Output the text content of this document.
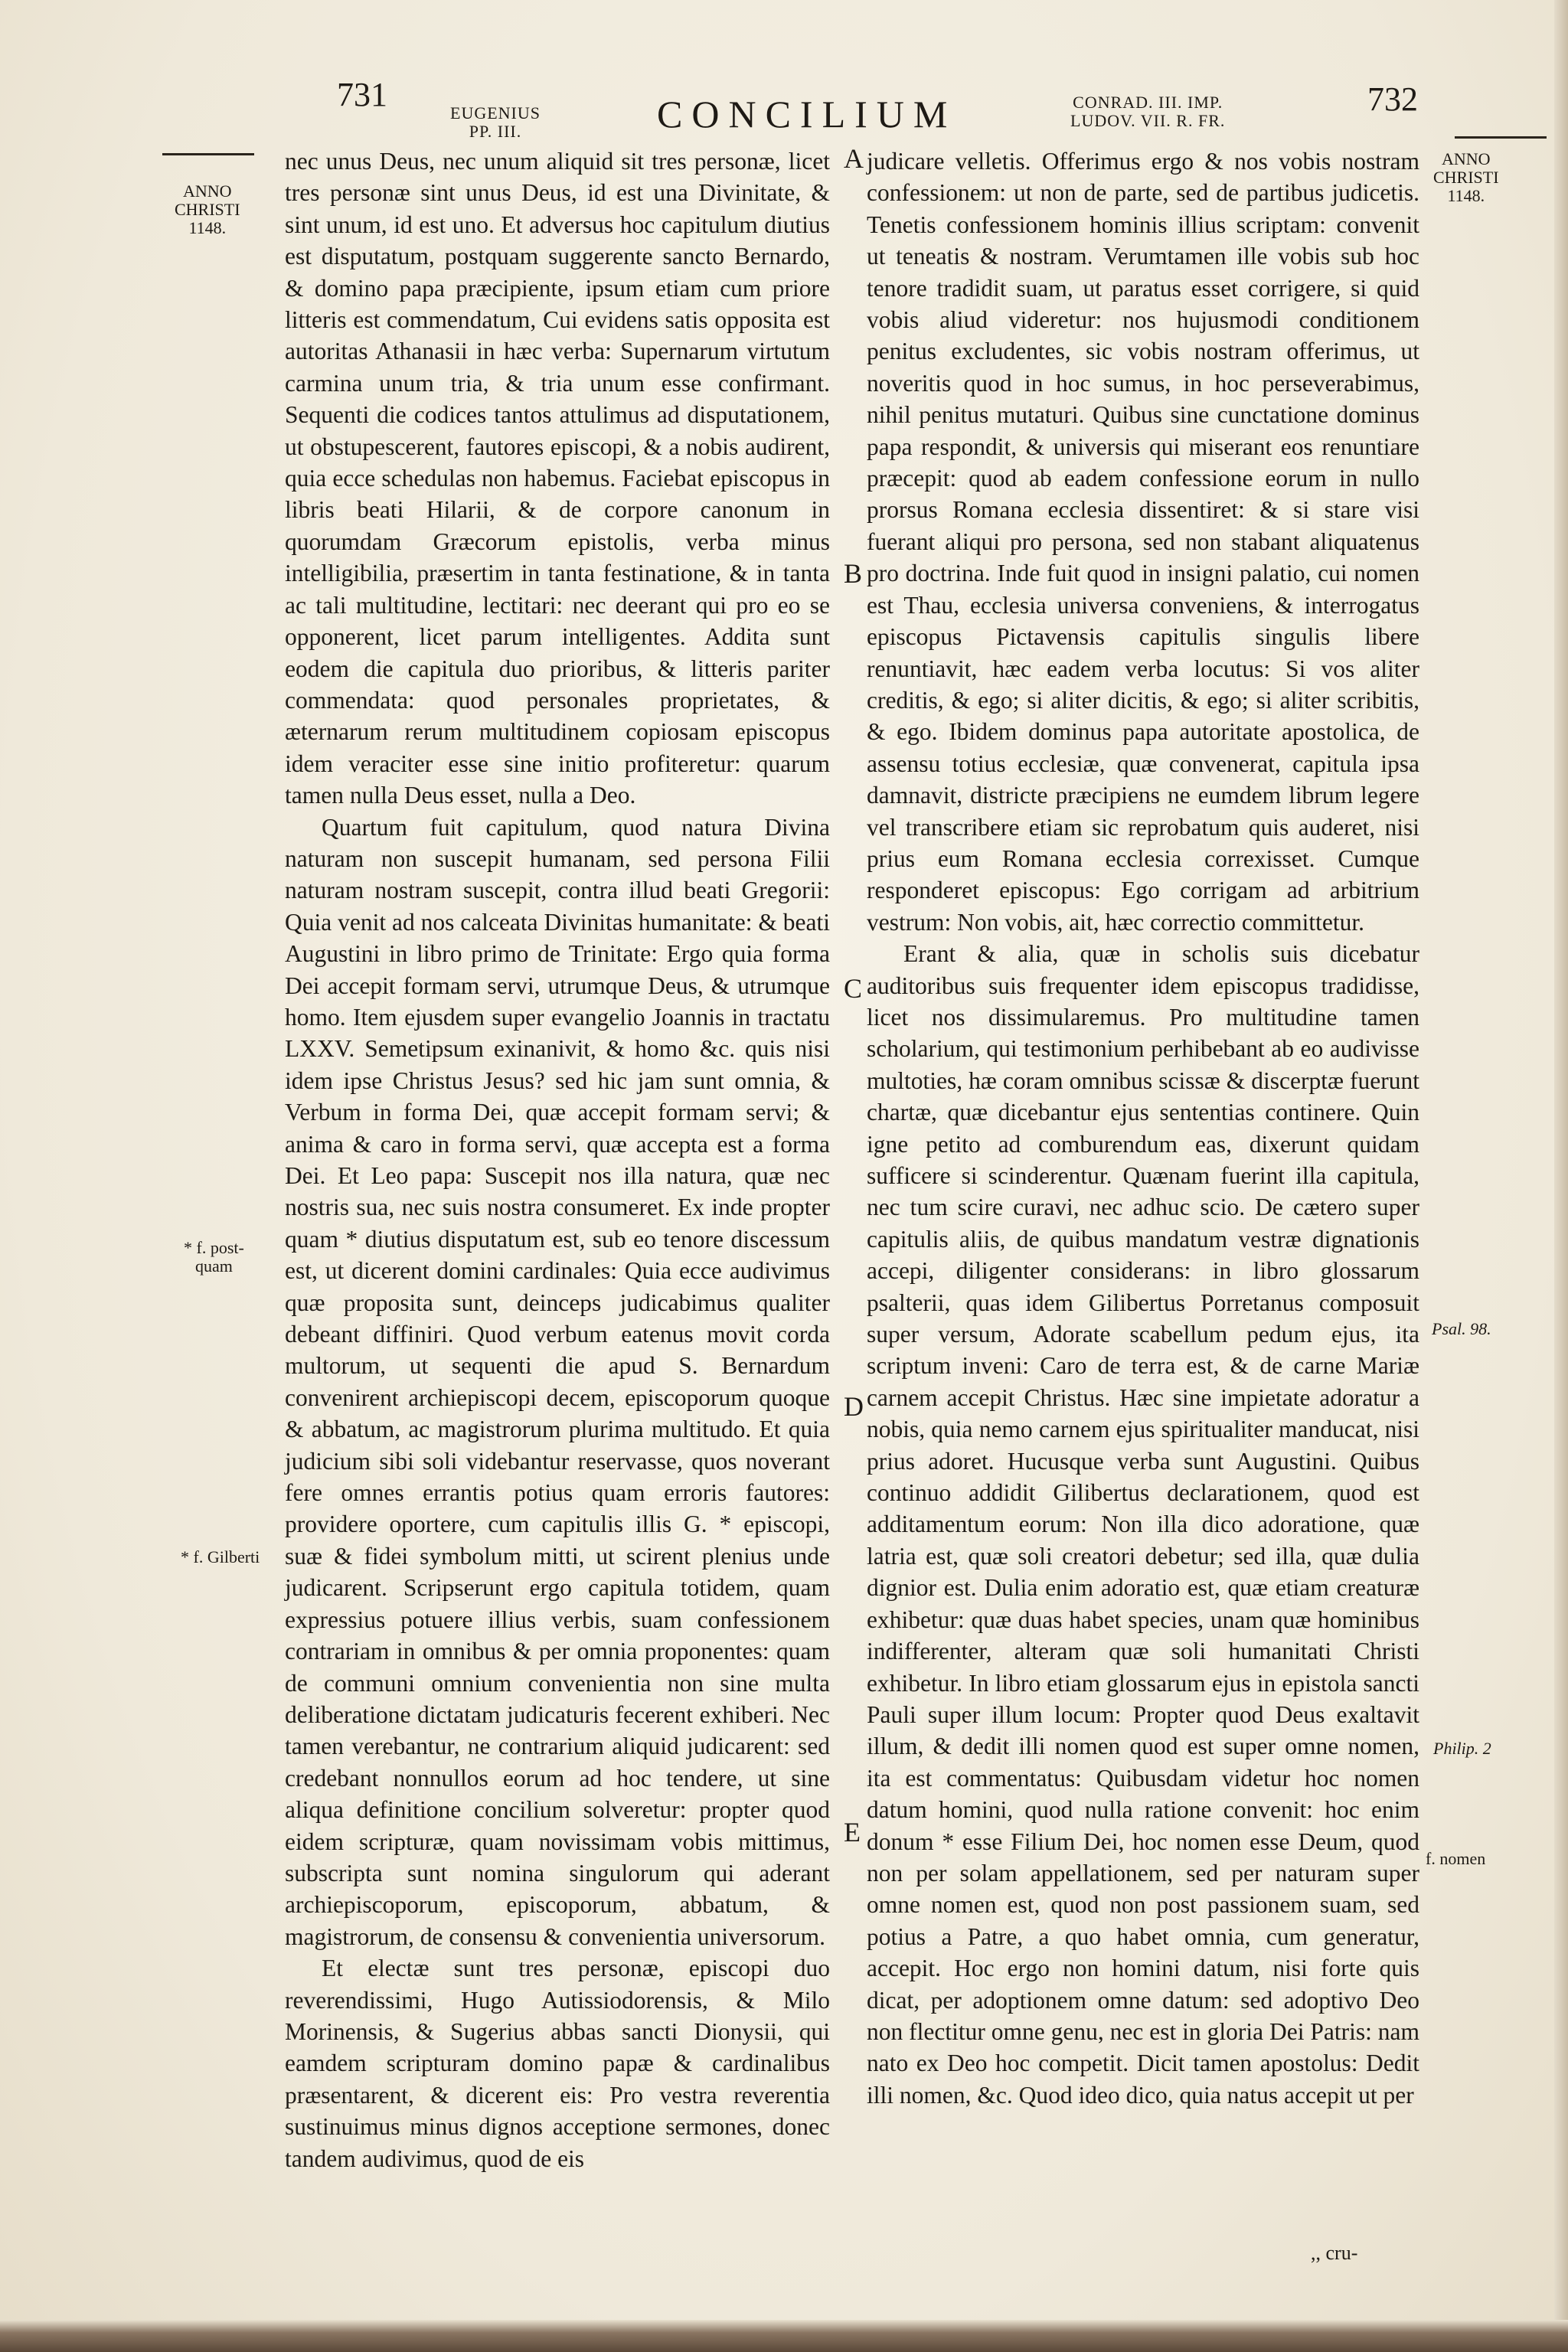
731	EUGENIUS
PP. III.	CONCILIUM	CONRAD. III. IMP.
LUDOV. VII. R. FR.
732
ANNO
CHRISTI
1148.
ANNO
CHRISTI
1148.

nec unus Deus, nec unum aliquid sit tres personæ, licet tres personæ sint unus Deus, id est una Divinitate, & sint unum, id est uno. Et adversus hoc capitulum diutius est disputatum, postquam suggerente sancto Bernardo, & domino papa præcipiente, ipsum etiam cum priore litteris est commendatum, Cui evidens satis opposita est autoritas Athanasii in hæc verba: Supernarum virtutum carmina unum tria, & tria unum esse confirmant. Sequenti die codices tantos attulimus ad disputationem, ut obstupescerent, fautores episcopi, & a nobis audirent, quia ecce schedulas non habemus. Faciebat episcopus in libris beati Hilarii, & de corpore canonum in quorumdam Græcorum epistolis, verba minus intelligibilia, præsertim in tanta festinatione, & in tanta ac tali multitudine, lectitari: nec deerant qui pro eo se opponerent, licet parum intelligentes. Addita sunt eodem die capitula duo prioribus, & litteris pariter commendata: quod personales proprietates, & æternarum rerum multitudinem copiosam episcopus idem veraciter esse sine initio profiteretur: quarum tamen nulla Deus esset, nulla a Deo.

Quartum fuit capitulum, quod natura Divina naturam non suscepit humanam, sed persona Filii naturam nostram suscepit, contra illud beati Gregorii: Quia venit ad nos calceata Divinitas humanitate: & beati Augustini in libro primo de Trinitate: Ergo quia forma Dei accepit formam servi, utrumque Deus, & utrumque homo. Item ejusdem super evangelio Joannis in tractatu LXXV. Semetipsum exinanivit, & homo &c. quis nisi idem ipse Christus Jesus? sed hic jam sunt omnia, & Verbum in forma Dei, quæ accepit formam servi; & anima & caro in forma servi, quæ accepta est a forma Dei. Et Leo papa: Suscepit nos illa natura, quæ nec nostris sua, nec suis nostra consumeret. Ex inde propter quam * diutius disputatum est, sub eo tenore discessum est, ut dicerent domini cardinales: Quia ecce audivimus quæ proposita sunt, deinceps judicabimus qualiter debeant diffiniri. Quod verbum eatenus movit corda multorum, ut sequenti die apud S. Bernardum convenirent archiepiscopi decem, episcoporum quoque & abbatum, ac magistrorum plurima multitudo. Et quia judicium sibi soli videbantur reservasse, quos noverant fere omnes errantis potius quam erroris fautores: providere oportere, cum capitulis illis G. * episcopi, suæ & fidei symbolum mitti, ut scirent plenius unde judicarent. Scripserunt ergo capitula totidem, quam expressius potuere illius verbis, suam confessionem contrariam in omnibus & per omnia proponentes: quam de communi omnium convenientia non sine multa deliberatione dictatam judicaturis fecerent exhiberi. Nec tamen verebantur, ne contrarium aliquid judicarent: sed credebant nonnullos eorum ad hoc tendere, ut sine aliqua definitione concilium solveretur: propter quod eidem scripturæ, quam novissimam vobis mittimus, subscripta sunt nomina singulorum qui aderant archiepiscoporum, episcoporum, abbatum, & magistrorum, de consensu & convenientia universorum.

Et electæ sunt tres personæ, episcopi duo reverendissimi, Hugo Autissiodorensis, & Milo Morinensis, & Sugerius abbas sancti Dionysii, qui eamdem scripturam domino papæ & cardinalibus præsentarent, & dicerent eis: Pro vestra reverentia sustinuimus minus dignos acceptione sermones, donec tandem audivimus, quod de eis

judicare velletis. Offerimus ergo & nos vobis nostram confessionem: ut non de parte, sed de partibus judicetis. Tenetis confessionem hominis illius scriptam: convenit ut teneatis & nostram. Verumtamen ille vobis sub hoc tenore tradidit suam, ut paratus esset corrigere, si quid vobis aliud videretur: nos hujusmodi conditionem penitus excludentes, sic vobis nostram offerimus, ut noveritis quod in hoc sumus, in hoc perseverabimus, nihil penitus mutaturi. Quibus sine cunctatione dominus papa respondit, & universis qui miserant eos renuntiare præcepit: quod ab eadem confessione eorum in nullo prorsus Romana ecclesia dissentiret: & si stare visi fuerant aliqui pro persona, sed non stabant aliquatenus pro doctrina. Inde fuit quod in insigni palatio, cui nomen est Thau, ecclesia universa conveniens, & interrogatus episcopus Pictavensis capitulis singulis libere renuntiavit, hæc eadem verba locutus: Si vos aliter creditis, & ego; si aliter dicitis, & ego; si aliter scribitis, & ego. Ibidem dominus papa autoritate apostolica, de assensu totius ecclesiæ, quæ convenerat, capitula ipsa damnavit, districte præcipiens ne eumdem librum legere vel transcribere etiam sic reprobatum quis auderet, nisi prius eum Romana ecclesia correxisset. Cumque responderet episcopus: Ego corrigam ad arbitrium vestrum: Non vobis, ait, hæc correctio committetur.

Erant & alia, quæ in scholis suis dicebatur auditoribus suis frequenter idem episcopus tradidisse, licet nos dissimularemus. Pro multitudine tamen scholarium, qui testimonium perhibebant ab eo audivisse multoties, hæ coram omnibus scissæ & discerptæ fuerunt chartæ, quæ dicebantur ejus sententias continere. Quin igne petito ad comburendum eas, dixerunt quidam sufficere si scinderentur. Quænam fuerint illa capitula, nec tum scire curavi, nec adhuc scio. De cætero super capitulis aliis, de quibus mandatum vestræ dignationis accepi, diligenter considerans: in libro glossarum psalterii, quas idem Gilibertus Porretanus composuit super versum, Adorate scabellum pedum ejus, ita scriptum inveni: Caro de terra est, & de carne Mariæ carnem accepit Christus. Hæc sine impietate adoratur a nobis, quia nemo carnem ejus spiritualiter manducat, nisi prius adoret. Hucusque verba sunt Augustini. Quibus continuo addidit Gilibertus declarationem, quod est additamentum eorum: Non illa dico adoratione, quæ latria est, quæ soli creatori debetur; sed illa, quæ dulia dignior est. Dulia enim adoratio est, quæ etiam creaturæ exhibetur: quæ duas habet species, unam quæ hominibus indifferenter, alteram quæ soli humanitati Christi exhibetur. In libro etiam glossarum ejus in epistola sancti Pauli super illum locum: Propter quod Deus exaltavit illum, & dedit illi nomen quod est super omne nomen, ita est commentatus: Quibusdam videtur hoc nomen datum homini, quod nulla ratione convenit: hoc enim donum * esse Filium Dei, hoc nomen esse Deum, quod non per solam appellationem, sed per naturam super omne nomen est, quod non post passionem suam, sed potius a Patre, a quo habet omnia, cum generatur, accepit. Hoc ergo non homini datum, nisi forte quis dicat, per adoptionem omne datum: sed adoptivo Deo non flectitur omne genu, nec est in gloria Dei Patris: nam nato ex Deo hoc competit. Dicit tamen apostolus: Dedit illi nomen, &c. Quod ideo dico, quia natus accepit ut per

A
B
C
D
E
* f. post-
quam
* f. Gilberti
Psal. 98.
Philip. 2
f. nomen
,, cru-
